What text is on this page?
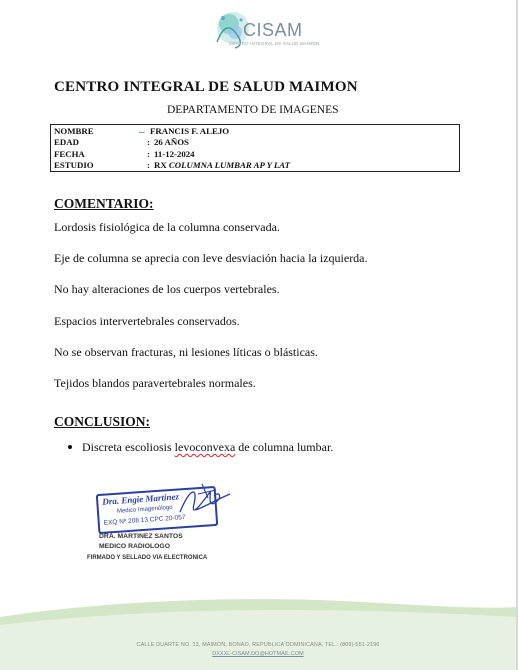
CISAM
CENTRO INTEGRAL DE SALUD MAIMON
CENTRO INTEGRAL DE SALUD MAIMON
DEPARTAMENTO DE IMAGENES
ꟷ
NOMBRE	FRANCIS F. ALEJO
EDAD	: 26 AÑOS
FECHA	: 11-12-2024
ESTUDIO	: RX COLUMNA LUMBAR AP Y LAT
COMENTARIO:
Lordosis fisiológica de la columna conservada.
Eje de columna se aprecia con leve desviación hacia la izquierda.
No hay alteraciones de los cuerpos vertebrales.
Espacios intervertebrales conservados.
No se observan fracturas, ni lesiones líticas o blásticas.
Tejidos blandos paravertebrales normales.
CONCLUSION:
Discreta escoliosis levoconvexa de columna lumbar.
Dra. Engie Martinez
Medico Imagenólogo
EXQ Nº 208 13 CPC 20-057
DRA. MARTINEZ SANTOS
MEDICO RADIOLOGO
FIRMADO Y SELLADO VIA ELECTRONICA
CALLE DUARTE NO. 13, MAIMÓN, BONAO, REPUBLICA DOMINICANA, TEL.: (809)-551-2196
DXXXL-CISAM.DO@HOTMAIL.COM
